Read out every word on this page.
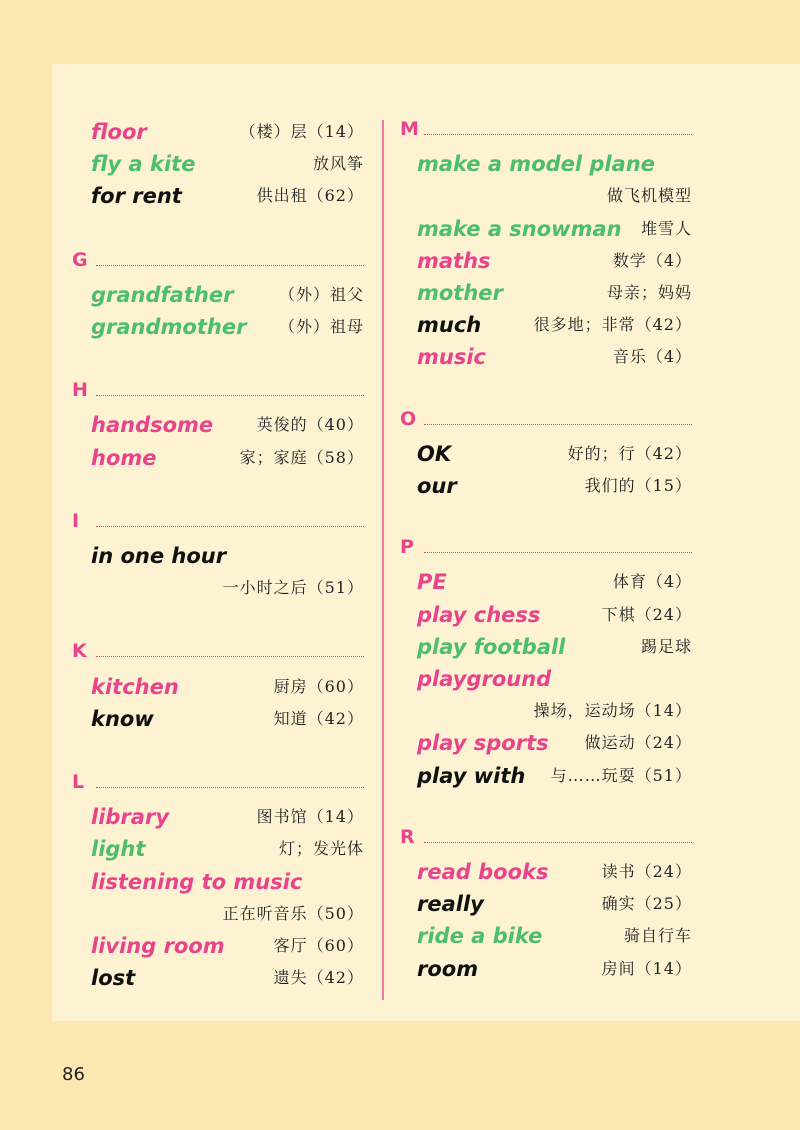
floor	（楼）层（14）
fly a kite	放风筝
for rent	供出租（62）
G
grandfather	（外）祖父
grandmother	（外）祖母
H
handsome	英俊的（40）
home	家；家庭（58）
I
in one hour
一小时之后（51）
K
kitchen	厨房（60）
know	知道（42）
L
library	图书馆（14）
light	灯；发光体
listening to music
正在听音乐（50）
living room	客厅（60）
lost	遗失（42）
M
make a model plane
做飞机模型
make a snowman	堆雪人
maths	数学（4）
mother	母亲；妈妈
much	很多地；非常（42）
music	音乐（4）
O
OK	好的；行（42）
our	我们的（15）
P
PE	体育（4）
play chess	下棋（24）
play football	踢足球
playground
操场，运动场（14）
play sports	做运动（24）
play with	与……玩耍（51）
R
read books	读书（24）
really	确实（25）
ride a bike	骑自行车
room	房间（14）
86
